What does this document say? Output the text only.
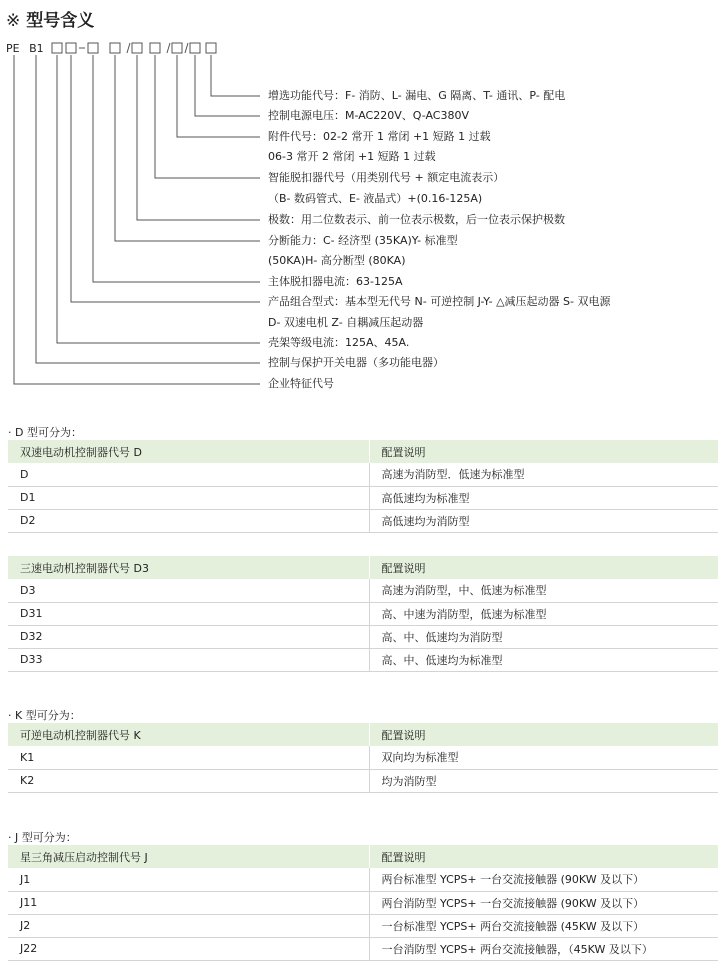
※ 型号含义
PE B1
增选功能代号：F- 消防、L- 漏电、G 隔离、T- 通讯、P- 配电
控制电源电压：M-AC220V、Q-AC380V
附件代号：02-2 常开 1 常闭 +1 短路 1 过载
06-3 常开 2 常闭 +1 短路 1 过载
智能脱扣器代号（用类别代号 + 额定电流表示）
（B- 数码管式、E- 液晶式）+(0.16-125A)
极数：用二位数表示、前一位表示极数，后一位表示保护极数
分断能力：C- 经济型 (35KA)Y- 标准型
(50KA)H- 高分断型 (80KA)
主体脱扣器电流：63-125A
产品组合型式：基本型无代号 N- 可逆控制 J-Y- △减压起动器 S- 双电源
D- 双速电机 Z- 自耦减压起动器
壳架等级电流：125A、45A.
控制与保护开关电器（多功能电器）
企业特征代号
· D 型可分为：
双速电动机控制器代号 D	配置说明
D	高速为消防型．低速为标准型
D1	高低速均为标准型
D2	高低速均为消防型
三速电动机控制器代号 D3	配置说明
D3	高速为消防型，中、低速为标准型
D31	高、中速为消防型，低速为标准型
D32	高、中、低速均为消防型
D33	高、中、低速均为标准型
· K 型可分为：
可逆电动机控制器代号 K	配置说明
K1	双向均为标准型
K2	均为消防型
· J 型可分为：
星三角减压启动控制代号 J	配置说明
J1	两台标准型 YCPS+ 一台交流接触器 (90KW 及以下）
J11	两台消防型 YCPS+ 一台交流接触器 (90KW 及以下）
J2	一台标准型 YCPS+ 两台交流接触器 (45KW 及以下）
J22	一台消防型 YCPS+ 两台交流接触器，（45KW 及以下）
